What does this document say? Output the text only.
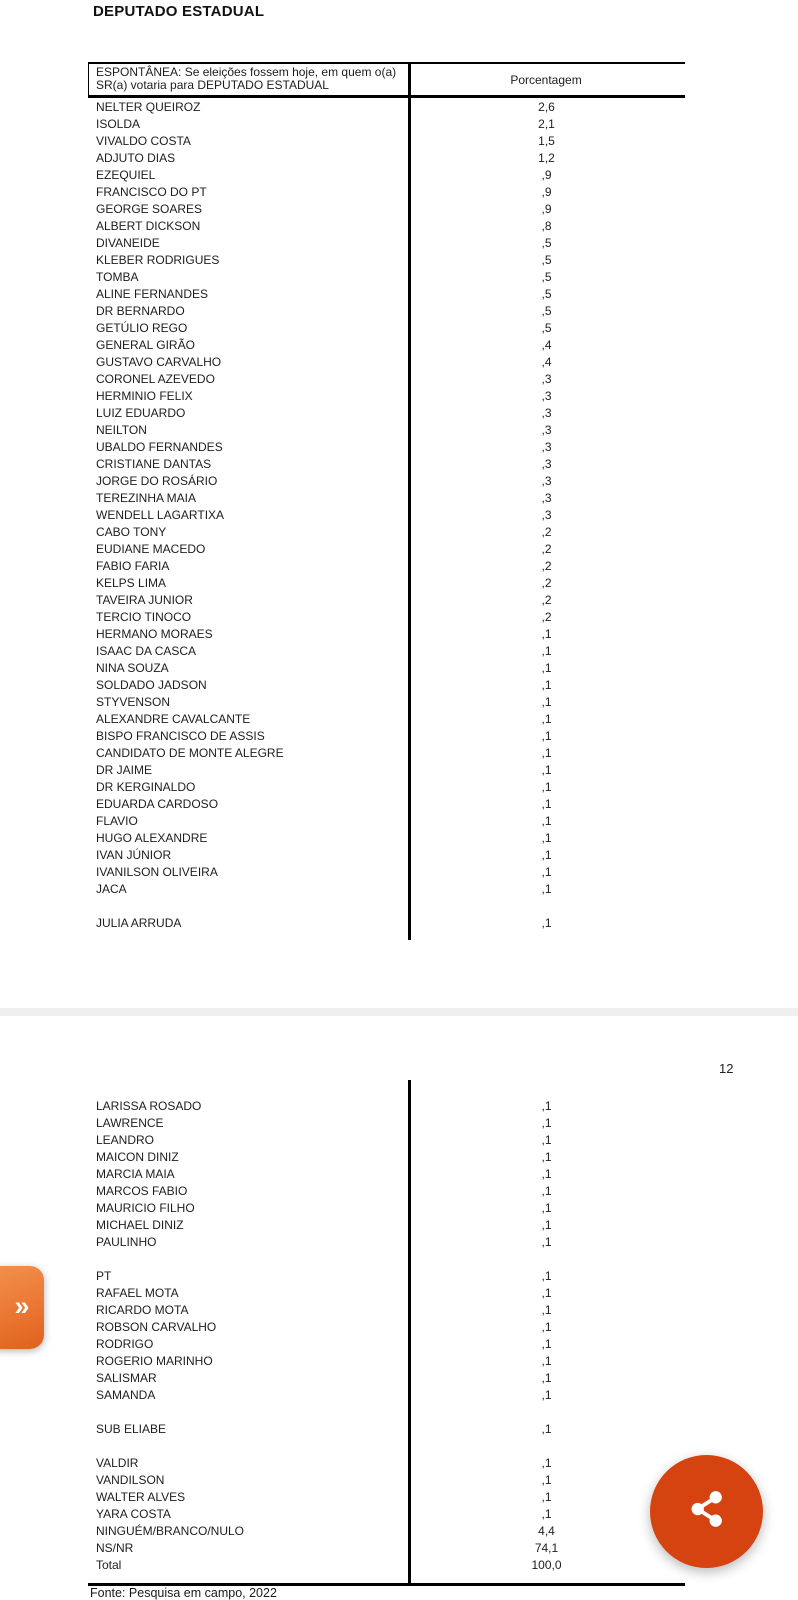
DEPUTADO ESTADUAL
ESPONTÂNEA: Se eleições fossem hoje, em quem o(a)
SR(a) votaria para DEPUTADO ESTADUAL	Porcentagem
NELTER QUEIROZ	2,6
ISOLDA	2,1
VIVALDO COSTA	1,5
ADJUTO DIAS	1,2
EZEQUIEL	,9
FRANCISCO DO PT	,9
GEORGE SOARES	,9
ALBERT DICKSON	,8
DIVANEIDE	,5
KLEBER RODRIGUES	,5
TOMBA	,5
ALINE FERNANDES	,5
DR BERNARDO	,5
GETÚLIO REGO	,5
GENERAL GIRÃO	,4
GUSTAVO CARVALHO	,4
CORONEL AZEVEDO	,3
HERMINIO FELIX	,3
LUIZ EDUARDO	,3
NEILTON	,3
UBALDO FERNANDES	,3
CRISTIANE DANTAS	,3
JORGE DO ROSÁRIO	,3
TEREZINHA MAIA	,3
WENDELL LAGARTIXA	,3
CABO TONY	,2
EUDIANE MACEDO	,2
FABIO FARIA	,2
KELPS LIMA	,2
TAVEIRA JUNIOR	,2
TERCIO TINOCO	,2
HERMANO MORAES	,1
ISAAC DA CASCA	,1
NINA SOUZA	,1
SOLDADO JADSON	,1
STYVENSON	,1
ALEXANDRE CAVALCANTE	,1
BISPO FRANCISCO DE ASSIS	,1
CANDIDATO DE MONTE ALEGRE	,1
DR JAIME	,1
DR KERGINALDO	,1
EDUARDA CARDOSO	,1
FLAVIO	,1
HUGO ALEXANDRE	,1
IVAN JÚNIOR	,1
IVANILSON OLIVEIRA	,1
JACA	,1
JULIA ARRUDA	,1
12
LARISSA ROSADO	,1
LAWRENCE	,1
LEANDRO	,1
MAICON DINIZ	,1
MARCIA MAIA	,1
MARCOS FABIO	,1
MAURICIO FILHO	,1
MICHAEL DINIZ	,1
PAULINHO	,1
PT	,1
RAFAEL MOTA	,1
RICARDO MOTA	,1
ROBSON CARVALHO	,1
RODRIGO	,1
ROGERIO MARINHO	,1
SALISMAR	,1
SAMANDA	,1
SUB ELIABE	,1
VALDIR	,1
VANDILSON	,1
WALTER ALVES	,1
YARA COSTA	,1
NINGUÉM/BRANCO/NULO	4,4
NS/NR	74,1
Total	100,0
Fonte: Pesquisa em campo, 2022
»
